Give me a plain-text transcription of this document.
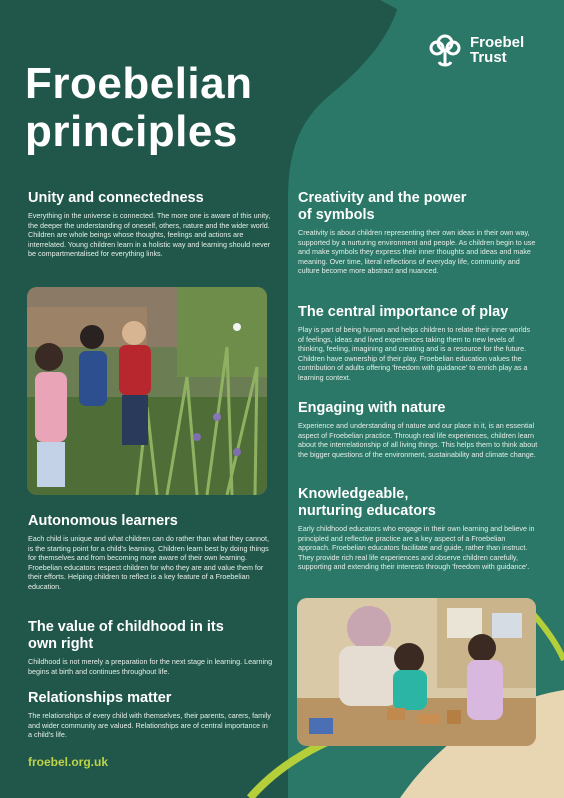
Froebel Trust
Froebelian principles
Unity and connectedness

Everything in the universe is connected. The more one is aware of this unity, the deeper the understanding of oneself, others, nature and the wider world. Children are whole beings whose thoughts, feelings and actions are interrelated. Young children learn in a holistic way and learning should never be compartmentalised for everything links.

Autonomous learners

Each child is unique and what children can do rather than what they cannot, is the starting point for a child's learning. Children learn best by doing things for themselves and from becoming more aware of their own learning. Froebelian educators respect children for who they are and value them for their efforts. Helping children to reflect is a key feature of a Froebelian education.

The value of childhood in its own right

Childhood is not merely a preparation for the next stage in learning. Learning begins at birth and continues throughout life.

Relationships matter

The relationships of every child with themselves, their parents, carers, family and wider community are valued. Relationships are of central importance in a child's life.

froebel.org.uk
Creativity and the power of symbols

Creativity is about children representing their own ideas in their own way, supported by a nurturing environment and people. As children begin to use and make symbols they express their inner thoughts and ideas and make meaning. Over time, literal reflections of everyday life, community and culture become more abstract and nuanced.

The central importance of play

Play is part of being human and helps children to relate their inner worlds of feelings, ideas and lived experiences taking them to new levels of thinking, feeling, imagining and creating and is a resource for the future. Children have ownership of their play. Froebelian education values the contribution of adults offering 'freedom with guidance' to enrich play as a learning context.

Engaging with nature

Experience and understanding of nature and our place in it, is an essential aspect of Froebelian practice. Through real life experiences, children learn about the interrelationship of all living things. This helps them to think about the bigger questions of the environment, sustainability and climate change.

Knowledgeable, nurturing educators

Early childhood educators who engage in their own learning and believe in principled and reflective practice are a key aspect of a Froebelian approach. Froebelian educators facilitate and guide, rather than instruct. They provide rich real life experiences and observe children carefully, supporting and extending their interests through 'freedom with guidance'.
